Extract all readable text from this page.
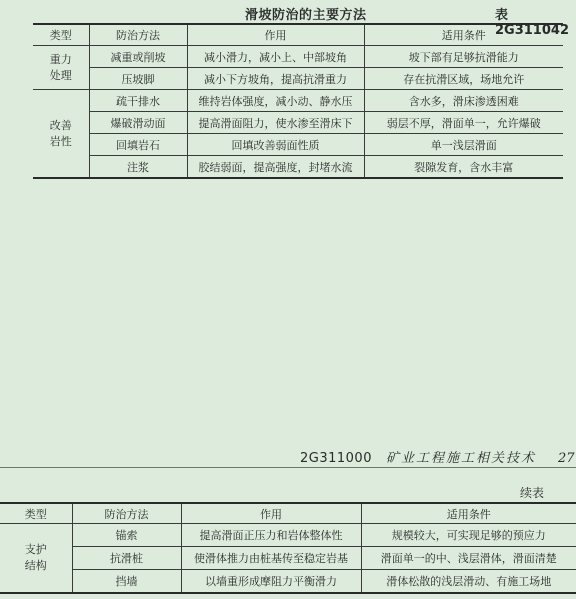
滑坡防治的主要方法	表2G311042
类型	防治方法	作用	适用条件
重力
处理	减重或削坡	减小滑力，减小上、中部坡角	坡下部有足够抗滑能力
	压坡脚	减小下方坡角，提高抗滑重力	存在抗滑区域，场地允许
改善
岩性	疏干排水	维持岩体强度，减小动、静水压	含水多，滑床渗透困难
	爆破滑动面	提高滑面阻力，使水渗至滑床下	弱层不厚，滑面单一，允许爆破
	回填岩石	回填改善弱面性质	单一浅层滑面
	注浆	胶结弱面，提高强度，封堵水流	裂隙发育，含水丰富
2G311000 矿业工程施工相关技术 27
续表
类型	防治方法	作用	适用条件
支护
结构	锚索	提高滑面正压力和岩体整体性	规模较大，可实现足够的预应力
	抗滑桩	使滑体推力由桩基传至稳定岩基	滑面单一的中、浅层滑体，滑面清楚
	挡墙	以墙重形成摩阻力平衡滑力	滑体松散的浅层滑动、有施工场地
